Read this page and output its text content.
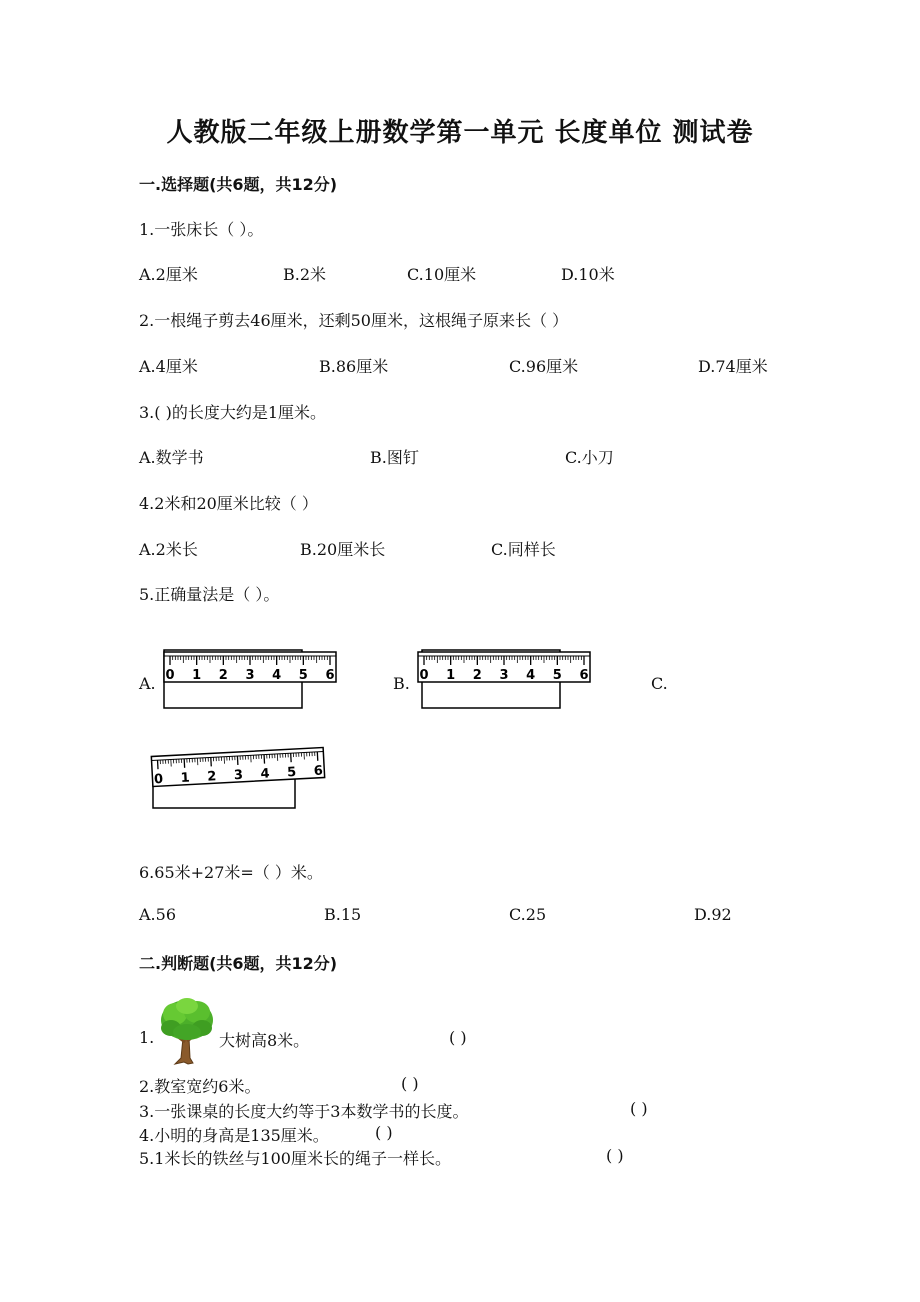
人教版二年级上册数学第一单元 长度单位 测试卷
一.选择题(共6题，共12分)
1.一张床长（ ）。
A.2厘米	B.2米	C.10厘米	D.10米
2.一根绳子剪去46厘米，还剩50厘米，这根绳子原来长（ ）
A.4厘米	B.86厘米	C.96厘米	D.74厘米
3.( )的长度大约是1厘米。
A.数学书	B.图钉	C.小刀
4.2米和20厘米比较（ ）
A.2米长	B.20厘米长	C.同样长
5.正确量法是（ ）。
A.	B.	C.
0 1 2 3 4 5 6	0 1 2 3 4 5 6
0 1 2 3 4 5 6
6.65米+27米=（ ）米。
A.56	B.15	C.25	D.92
二.判断题(共6题，共12分)
1.	大树高8米。	( )
2.教室宽约6米。	( )
3.一张课桌的长度大约等于3本数学书的长度。	( )
4.小明的身高是135厘米。	( )
5.1米长的铁丝与100厘米长的绳子一样长。	( )
